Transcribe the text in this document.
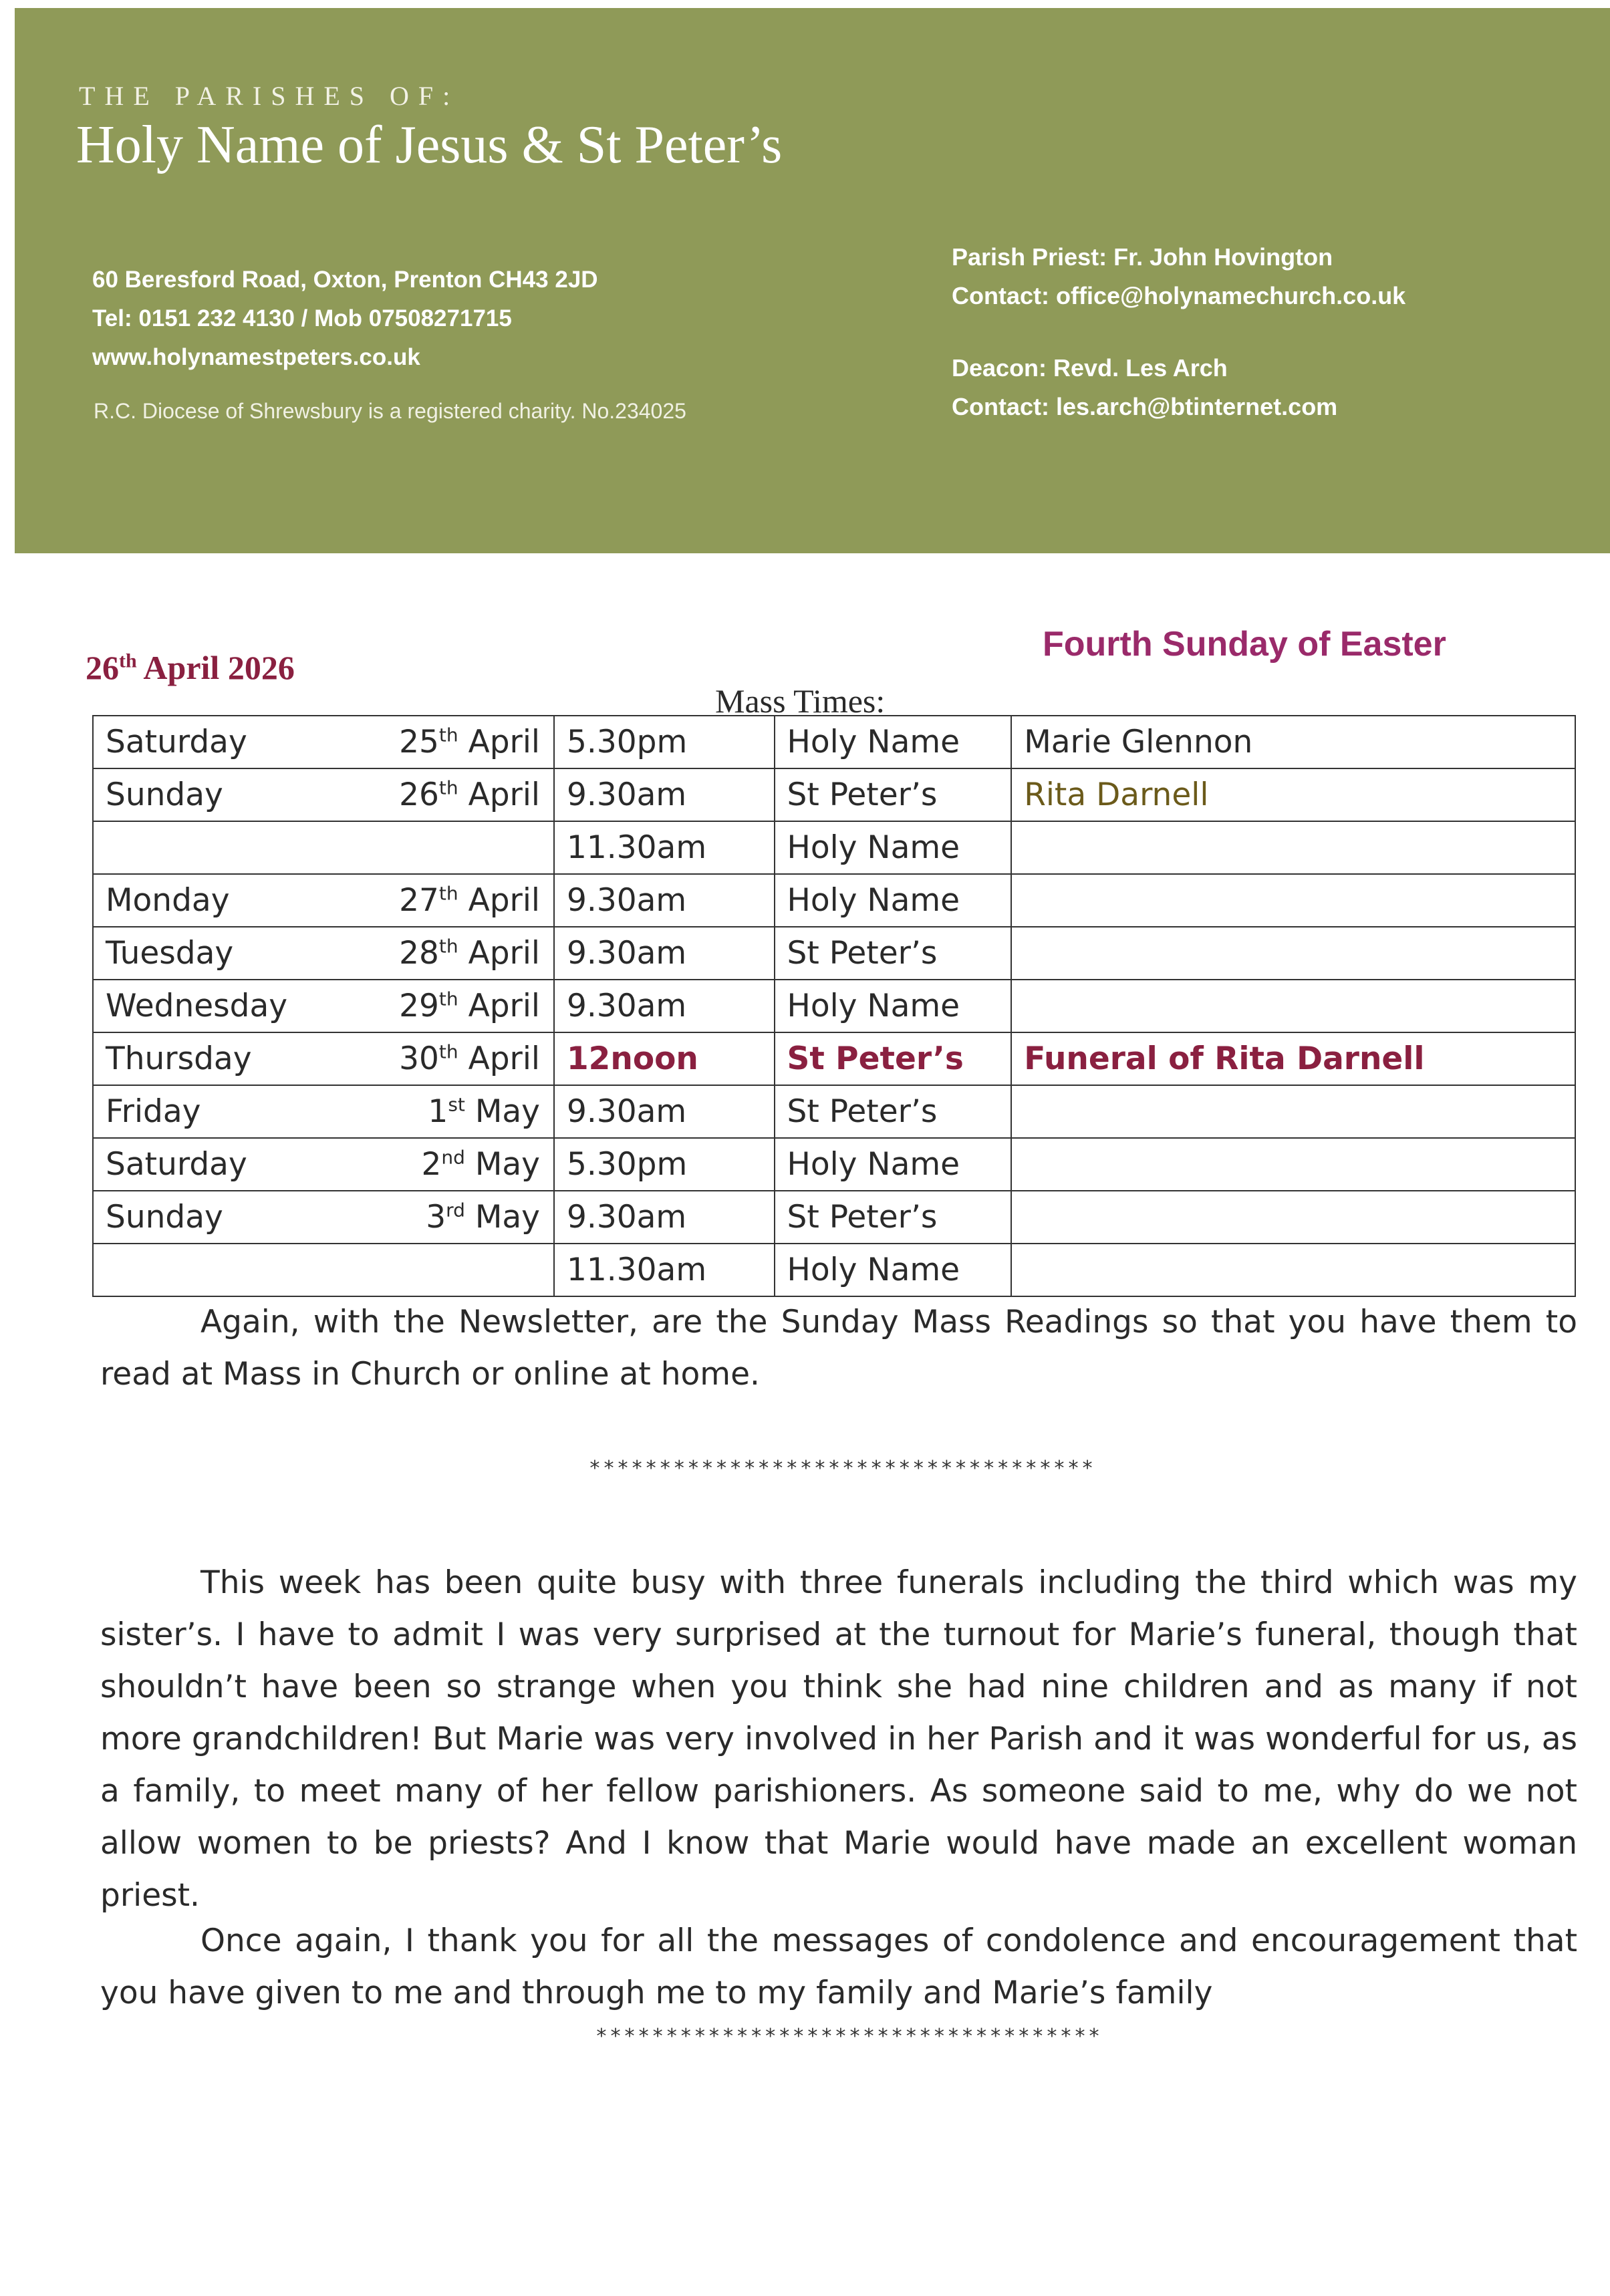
THE PARISHES OF:
Holy Name of Jesus & St Peter’s
60 Beresford Road, Oxton, Prenton CH43 2JD
Tel: 0151 232 4130 / Mob 07508271715
www.holynamestpeters.co.uk
R.C. Diocese of Shrewsbury is a registered charity. No.234025
Parish Priest: Fr. John Hovington
Contact: office@holynamechurch.co.uk
Deacon: Revd. Les Arch
Contact: les.arch@btinternet.com
26th April 2026
Fourth Sunday of Easter
Mass Times:
Saturday 25th April	5.30pm	Holy Name	Marie Glennon
Sunday 26th April	9.30am	St Peter’s	Rita Darnell
	11.30am	Holy Name	
Monday 27th April	9.30am	Holy Name	
Tuesday 28th April	9.30am	St Peter’s	
Wednesday 29th April	9.30am	Holy Name	
Thursday 30th April	12noon	St Peter’s	Funeral of Rita Darnell
Friday 1st May	9.30am	St Peter’s	
Saturday 2nd May	5.30pm	Holy Name	
Sunday 3rd May	9.30am	St Peter’s	
	11.30am	Holy Name	

Again, with the Newsletter, are the Sunday Mass Readings so that you have them to read at Mass in Church or online at home.

************************************

This week has been quite busy with three funerals including the third which was my sister’s. I have to admit I was very surprised at the turnout for Marie’s funeral, though that shouldn’t have been so strange when you think she had nine children and as many if not more grandchildren! But Marie was very involved in her Parish and it was wonderful for us, as a family, to meet many of her fellow parishioners. As someone said to me, why do we not allow women to be priests? And I know that Marie would have made an excellent woman priest.

Once again, I thank you for all the messages of condolence and encouragement that you have given to me and through me to my family and Marie’s family

************************************
